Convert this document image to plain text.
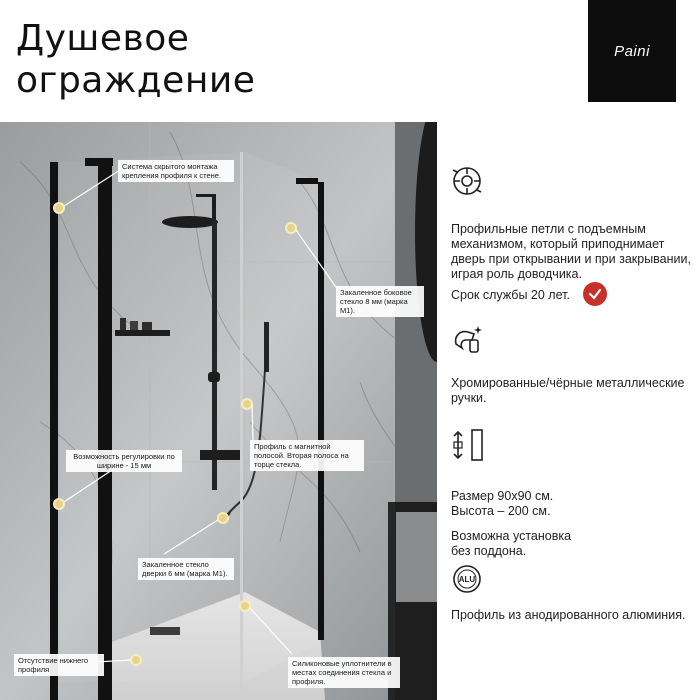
Душевое
ограждение
Paini
Система скрытого монтажа крепления профиля к стене.
Закаленное боковое стекло 8 мм (марка М1).
Профиль с магнитной полосой. Вторая полоса на торце стекла.
Возможность регулировки по ширине - 15 мм
Закаленное стекло дверки 6 мм (марка М1).
Отсутствие нижнего профиля
Силиконовые уплотнители в местах соединения стекла и профиля.

Профильные петли с подъемным механизмом, который приподнимает дверь при открывании и при закрывании, играя роль доводчика.

Срок службы 20 лет.

Хромированные/чёрные металлические ручки.

Размер 90х90 см.
Высота – 200 см.

Возможна установка
без поддона.

ALU

Профиль из анодированного алюминия.
